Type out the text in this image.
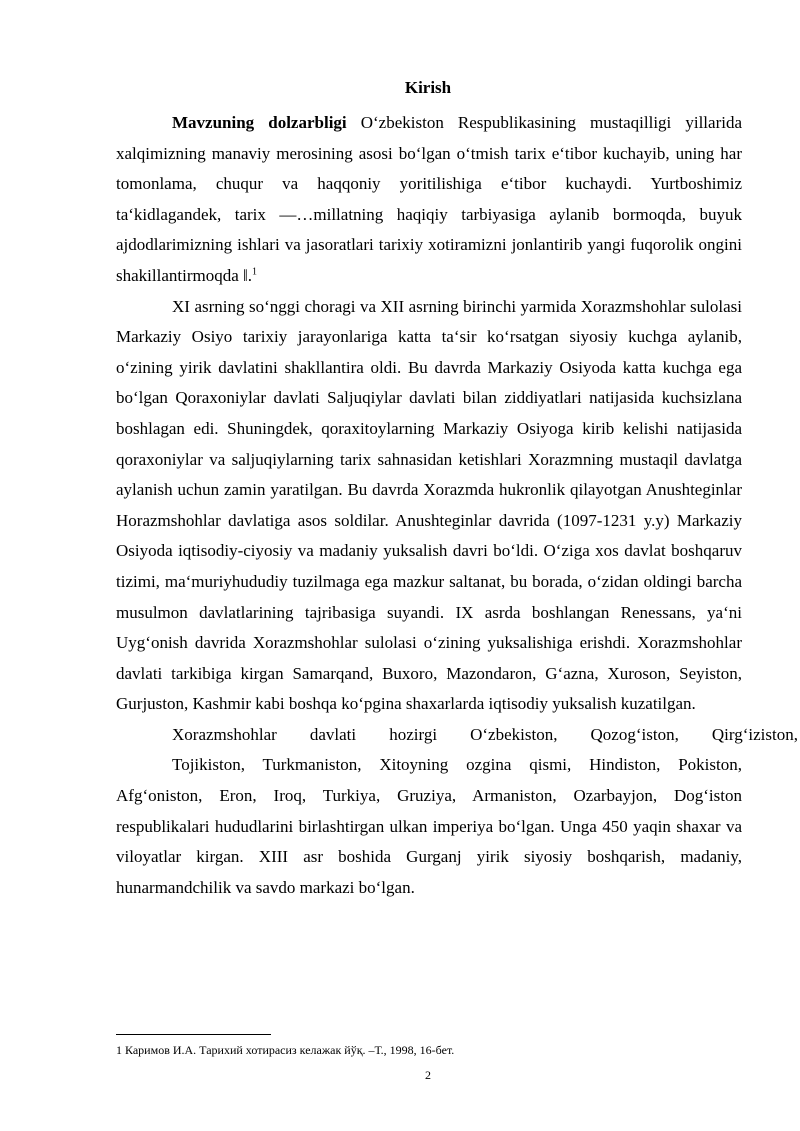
Kirish

Mavzuning dolzarbligi O‘zbekiston Respublikasining mustaqilligi yillarida xalqimizning manaviy merosining asosi bo‘lgan o‘tmish tarix e‘tibor kuchayib, uning har tomonlama, chuqur va haqqoniy yoritilishiga e‘tibor kuchaydi. Yurtboshimiz ta‘kidlagandek, tarix —…millatning haqiqiy tarbiyasiga aylanib bormoqda, buyuk ajdodlarimizning ishlari va jasoratlari tarixiy xotiramizni jonlantirib yangi fuqorolik ongini shakillantirmoqda ‖.$^1$

XI asrning so‘nggi choragi va XII asrning birinchi yarmida Xorazmshohlar sulolasi Markaziy Osiyo tarixiy jarayonlariga katta ta‘sir ko‘rsatgan siyosiy kuchga aylanib, o‘zining yirik davlatini shakllantira oldi. Bu davrda Markaziy Osiyoda katta kuchga ega bo‘lgan Qoraxoniylar davlati Saljuqiylar davlati bilan ziddiyatlari natijasida kuchsizlana boshlagan edi. Shuningdek, qoraxitoylarning Markaziy Osiyoga kirib kelishi natijasida qoraxoniylar va saljuqiylarning tarix sahnasidan ketishlari Xorazmning mustaqil davlatga aylanish uchun zamin yaratilgan. Bu davrda Xorazmda hukronlik qilayotgan Anushteginlar Horazmshohlar davlatiga asos soldilar. Anushteginlar davrida (1097-1231 y.y) Markaziy Osiyoda iqtisodiy-ciyosiy va madaniy yuksalish davri bo‘ldi. O‘ziga xos davlat boshqaruv tizimi, ma‘muriyhududiy tuzilmaga ega mazkur saltanat, bu borada, o‘zidan oldingi barcha musulmon davlatlarining tajribasiga suyandi. IX asrda boshlangan Renessans, ya‘ni Uyg‘onish davrida Xorazmshohlar sulolasi o‘zining yuksalishiga erishdi. Xorazmshohlar davlati tarkibiga kirgan Samarqand, Buxoro, Mazondaron, G‘azna, Xuroson, Seyiston, Gurjuston, Kashmir kabi boshqa ko‘pgina shaxarlarda iqtisodiy yuksalish kuzatilgan.

Xorazmshohlar davlati hozirgi O‘zbekiston, Qozog‘iston, Qirg‘iziston,

Tojikiston, Turkmaniston, Xitoyning ozgina qismi, Hindiston, Pokiston, Afg‘oniston, Eron, Iroq, Turkiya, Gruziya, Armaniston, Ozarbayjon, Dog‘iston respublikalari hududlarini birlashtirgan ulkan imperiya bo‘lgan. Unga 450 yaqin shaxar va viloyatlar kirgan. XIII asr boshida Gurganj yirik siyosiy boshqarish, madaniy, hunarmandchilik va savdo markazi bo‘lgan.

1 Каримов И.А. Тарихий хотирасиз келажак йўқ. –Т., 1998, 16-бет.
2
